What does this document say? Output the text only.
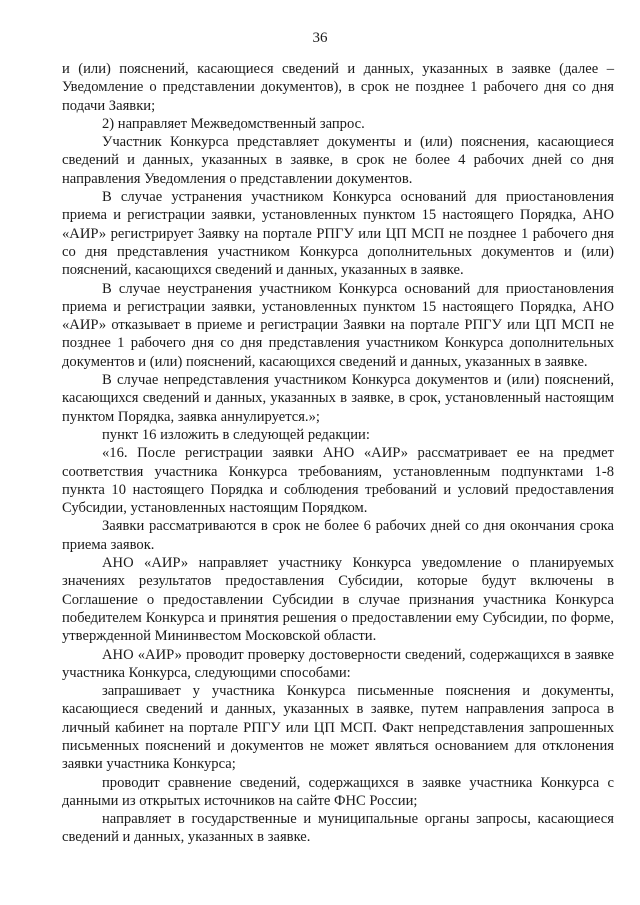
36

и (или) пояснений, касающиеся сведений и данных, указанных в заявке (далее – Уведомление о представлении документов), в срок не позднее 1 рабочего дня со дня подачи Заявки;

2) направляет Межведомственный запрос.

Участник Конкурса представляет документы и (или) пояснения, касающиеся сведений и данных, указанных в заявке, в срок не более 4 рабочих дней со дня направления Уведомления о представлении документов.

В случае устранения участником Конкурса оснований для приостановления приема и регистрации заявки, установленных пунктом 15 настоящего Порядка, АНО «АИР» регистрирует Заявку на портале РПГУ или ЦП МСП не позднее 1 рабочего дня со дня представления участником Конкурса дополнительных документов и (или) пояснений, касающихся сведений и данных, указанных в заявке.

В случае неустранения участником Конкурса оснований для приостановления приема и регистрации заявки, установленных пунктом 15 настоящего Порядка, АНО «АИР» отказывает в приеме и регистрации Заявки на портале РПГУ или ЦП МСП не позднее 1 рабочего дня со дня представления участником Конкурса дополнительных документов и (или) пояснений, касающихся сведений и данных, указанных в заявке.

В случае непредставления участником Конкурса документов и (или) пояснений, касающихся сведений и данных, указанных в заявке, в срок, установленный настоящим пунктом Порядка, заявка аннулируется.»;

пункт 16 изложить в следующей редакции:

«16. После регистрации заявки АНО «АИР» рассматривает ее на предмет соответствия участника Конкурса требованиям, установленным подпунктами 1-8 пункта 10 настоящего Порядка и соблюдения требований и условий предоставления Субсидии, установленных настоящим Порядком.

Заявки рассматриваются в срок не более 6 рабочих дней со дня окончания срока приема заявок.

АНО «АИР» направляет участнику Конкурса уведомление о планируемых значениях результатов предоставления Субсидии, которые будут включены в Соглашение о предоставлении Субсидии в случае признания участника Конкурса победителем Конкурса и принятия решения о предоставлении ему Субсидии, по форме, утвержденной Мининвестом Московской области.

АНО «АИР» проводит проверку достоверности сведений, содержащихся в заявке участника Конкурса, следующими способами:

запрашивает у участника Конкурса письменные пояснения и документы, касающиеся сведений и данных, указанных в заявке, путем направления запроса в личный кабинет на портале РПГУ или ЦП МСП. Факт непредставления запрошенных письменных пояснений и документов не может являться основанием для отклонения заявки участника Конкурса;

проводит сравнение сведений, содержащихся в заявке участника Конкурса с данными из открытых источников на сайте ФНС России;

направляет в государственные и муниципальные органы запросы, касающиеся сведений и данных, указанных в заявке.
